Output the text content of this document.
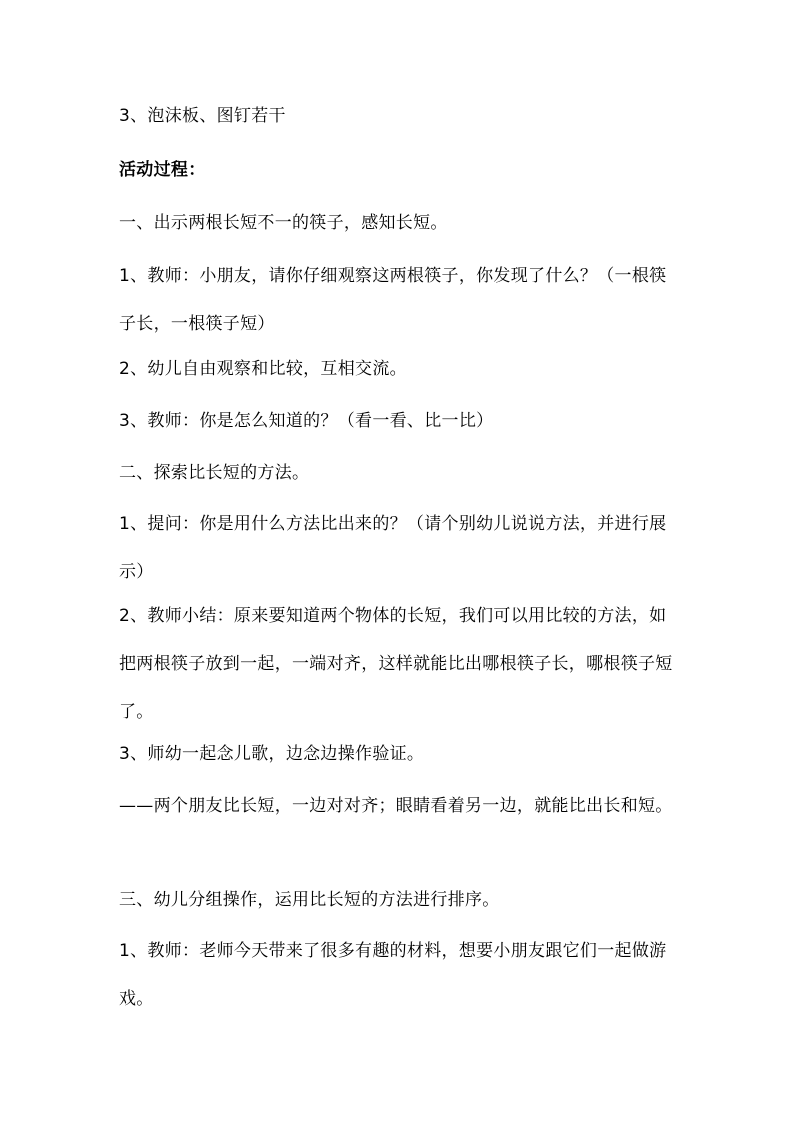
3、泡沫板、图钉若干

活动过程：

一、出示两根长短不一的筷子，感知长短。

1、教师：小朋友，请你仔细观察这两根筷子，你发现了什么？（一根筷子长，一根筷子短）

2、幼儿自由观察和比较，互相交流。

3、教师：你是怎么知道的？（看一看、比一比）

二、探索比长短的方法。

1、提问：你是用什么方法比出来的？（请个别幼儿说说方法，并进行展示）

2、教师小结：原来要知道两个物体的长短，我们可以用比较的方法，如把两根筷子放到一起，一端对齐，这样就能比出哪根筷子长，哪根筷子短了。

3、师幼一起念儿歌，边念边操作验证。

——两个朋友比长短，一边对对齐；眼睛看着另一边，就能比出长和短。

三、幼儿分组操作，运用比长短的方法进行排序。

1、教师：老师今天带来了很多有趣的材料，想要小朋友跟它们一起做游戏。
